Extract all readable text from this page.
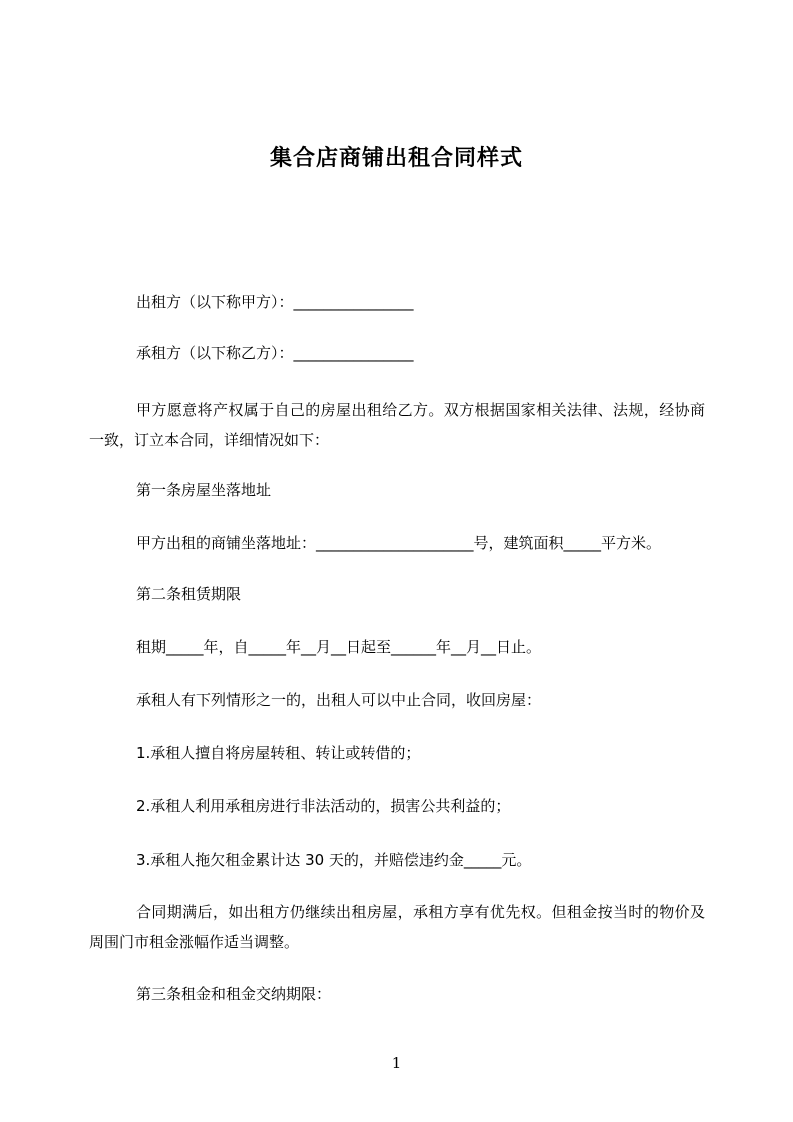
集合店商铺出租合同样式
出租方（以下称甲方）：________________
承租方（以下称乙方）：________________
甲方愿意将产权属于自己的房屋出租给乙方。双方根据国家相关法律、法规，经协商一致，订立本合同，详细情况如下：
第一条房屋坐落地址
甲方出租的商铺坐落地址：_____________________号，建筑面积_____平方米。
第二条租赁期限
租期_____年，自_____年__月__日起至______年__月__日止。
承租人有下列情形之一的，出租人可以中止合同，收回房屋：
1.承租人擅自将房屋转租、转让或转借的；
2.承租人利用承租房进行非法活动的，损害公共利益的；
3.承租人拖欠租金累计达 30 天的，并赔偿违约金_____元。
合同期满后，如出租方仍继续出租房屋，承租方享有优先权。但租金按当时的物价及周围门市租金涨幅作适当调整。
第三条租金和租金交纳期限：
1
